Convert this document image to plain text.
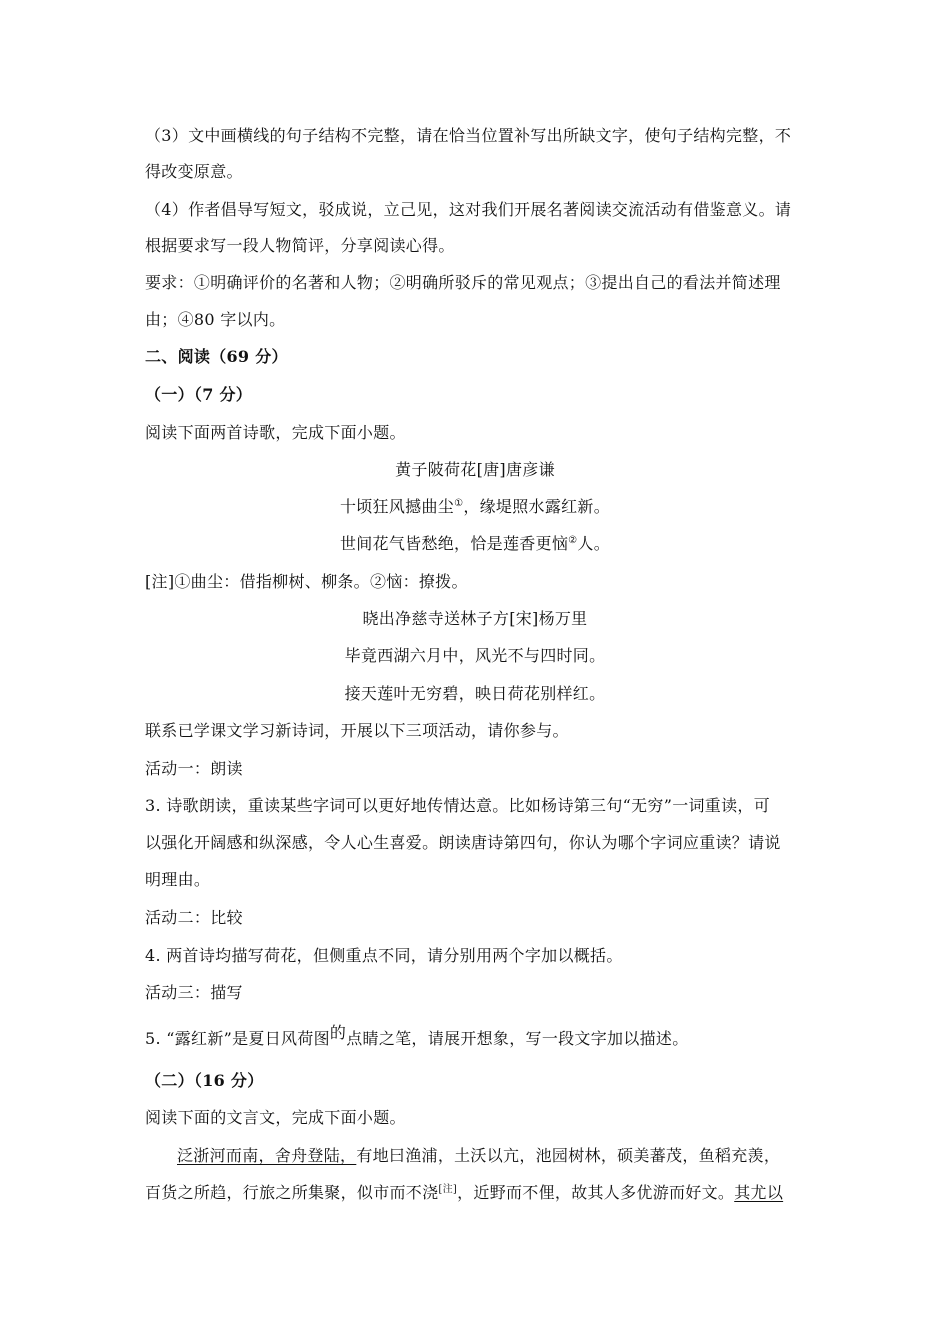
（3）文中画横线的句子结构不完整，请在恰当位置补写出所缺文字，使句子结构完整，不
得改变原意。
（4）作者倡导写短文，驳成说，立己见，这对我们开展名著阅读交流活动有借鉴意义。请
根据要求写一段人物简评，分享阅读心得。
要求：①明确评价的名著和人物；②明确所驳斥的常见观点；③提出自己的看法并简述理
由；④80 字以内。
二、阅读（69 分）
（一）（7 分）
阅读下面两首诗歌，完成下面小题。
黄子陂荷花[唐]唐彦谦
十顷狂风撼曲尘①，缘堤照水露红新。
世间花气皆愁绝，恰是莲香更恼②人。
[注]①曲尘：借指柳树、柳条。②恼：撩拨。
晓出净慈寺送林子方[宋]杨万里
毕竟西湖六月中，风光不与四时同。
接天莲叶无穷碧，映日荷花别样红。
联系已学课文学习新诗词，开展以下三项活动，请你参与。
活动一：朗读
3. 诗歌朗读，重读某些字词可以更好地传情达意。比如杨诗第三句“无穷”一词重读，可
以强化开阔感和纵深感，令人心生喜爱。朗读唐诗第四句，你认为哪个字词应重读？请说
明理由。
活动二：比较
4. 两首诗均描写荷花，但侧重点不同，请分别用两个字加以概括。
活动三：描写
5. “露红新”是夏日风荷图的点睛之笔，请展开想象，写一段文字加以描述。
（二）（16 分）
阅读下面的文言文，完成下面小题。
泛浙河而南，舍舟登陆，有地曰渔浦，土沃以亢，池园树林，硕美蕃茂，鱼稻充羡，
百货之所趋，行旅之所集聚，似市而不浇[注]，近野而不俚，故其人多优游而好文。其尤以
